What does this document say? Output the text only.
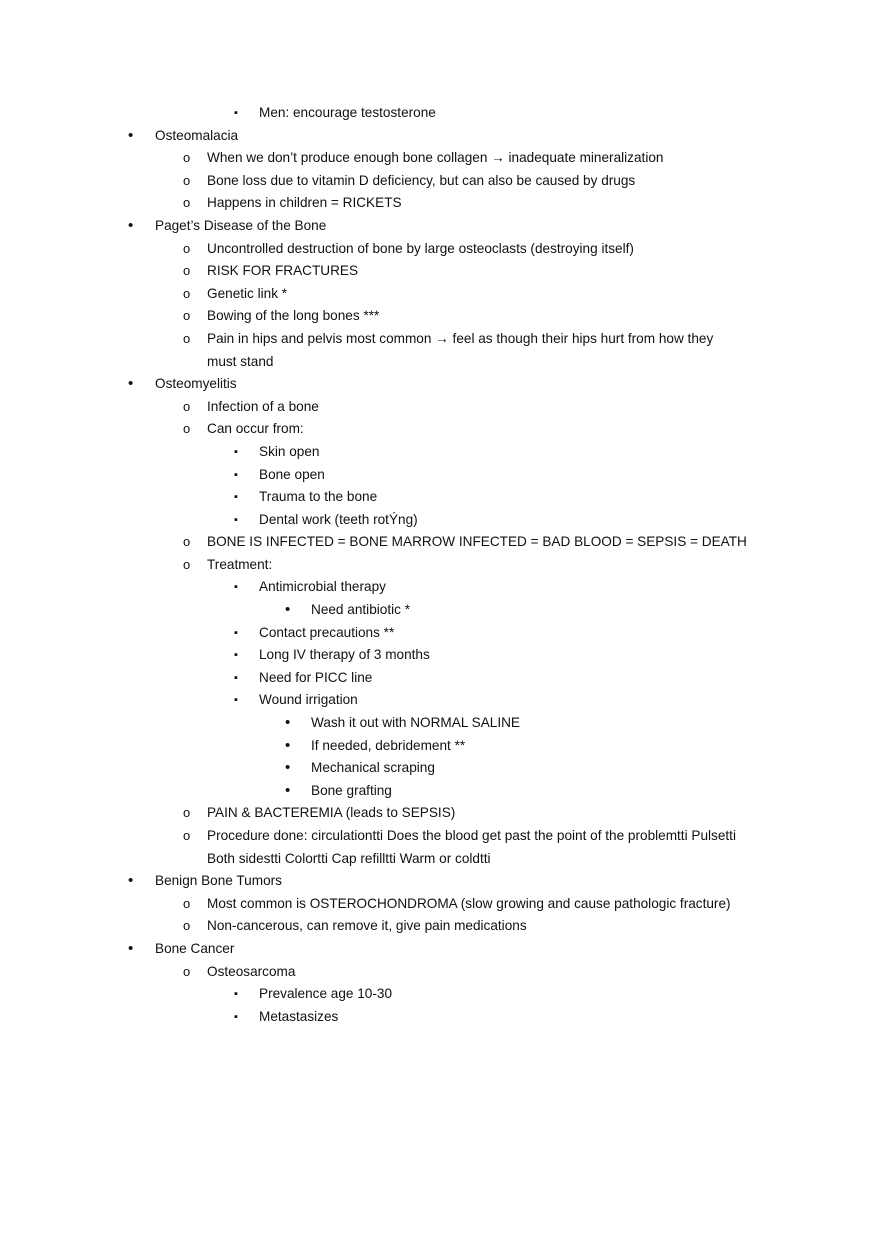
▪ Men: encourage testosterone
• Osteomalacia
o When we don’t produce enough bone collagen → inadequate mineralization
o Bone loss due to vitamin D deficiency, but can also be caused by drugs
o Happens in children = RICKETS
• Paget’s Disease of the Bone
o Uncontrolled destruction of bone by large osteoclasts (destroying itself)
o RISK FOR FRACTURES
o Genetic link *
o Bowing of the long bones ***
o Pain in hips and pelvis most common → feel as though their hips hurt from how they
must stand
• Osteomyelitis
o Infection of a bone
o Can occur from:
▪ Skin open
▪ Bone open
▪ Trauma to the bone
▪ Dental work (teeth rotÝng)
o BONE IS INFECTED = BONE MARROW INFECTED = BAD BLOOD = SEPSIS = DEATH
o Treatment:
▪ Antimicrobial therapy
• Need antibiotic *
▪ Contact precautions **
▪ Long IV therapy of 3 months
▪ Need for PICC line
▪ Wound irrigation
• Wash it out with NORMAL SALINE
• If needed, debridement **
• Mechanical scraping
• Bone grafting
o PAIN & BACTEREMIA (leads to SEPSIS)
o Procedure done: circulationtti Does the blood get past the point of the problemtti Pulsetti
Both sidestti Colortti Cap refilltti Warm or coldtti
• Benign Bone Tumors
o Most common is OSTEROCHONDROMA (slow growing and cause pathologic fracture)
o Non-cancerous, can remove it, give pain medications
• Bone Cancer
o Osteosarcoma
▪ Prevalence age 10-30
▪ Metastasizes
